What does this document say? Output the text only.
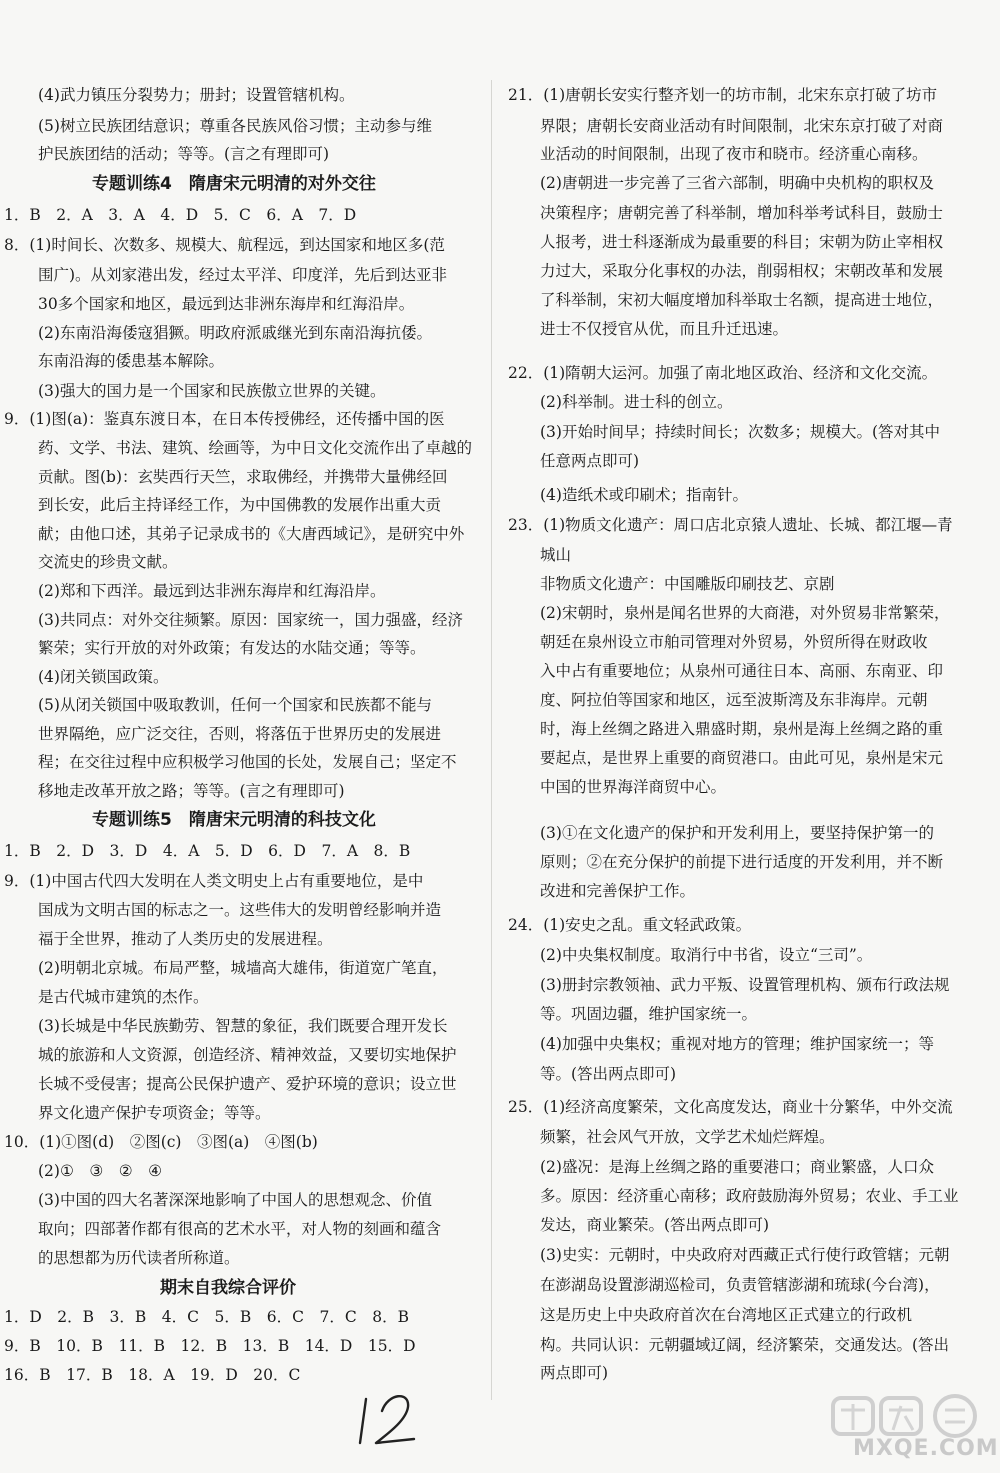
(4)武力镇压分裂势力；册封；设置管辖机构。
(5)树立民族团结意识；尊重各民族风俗习惯；主动参与维
护民族团结的活动；等等。(言之有理即可)
专题训练4　隋唐宋元明清的对外交往
1．B　2．A　3．A　4．D　5．C　6．A　7．D
8．(1)时间长、次数多、规模大、航程远，到达国家和地区多(范
围广)。从刘家港出发，经过太平洋、印度洋，先后到达亚非
30多个国家和地区，最远到达非洲东海岸和红海沿岸。
(2)东南沿海倭寇猖獗。明政府派戚继光到东南沿海抗倭。
东南沿海的倭患基本解除。
(3)强大的国力是一个国家和民族傲立世界的关键。
9．(1)图(a)：鉴真东渡日本，在日本传授佛经，还传播中国的医
药、文学、书法、建筑、绘画等，为中日文化交流作出了卓越的
贡献。图(b)：玄奘西行天竺，求取佛经，并携带大量佛经回
到长安，此后主持译经工作，为中国佛教的发展作出重大贡
献；由他口述，其弟子记录成书的《大唐西域记》，是研究中外
交流史的珍贵文献。
(2)郑和下西洋。最远到达非洲东海岸和红海沿岸。
(3)共同点：对外交往频繁。原因：国家统一，国力强盛，经济
繁荣；实行开放的对外政策；有发达的水陆交通；等等。
(4)闭关锁国政策。
(5)从闭关锁国中吸取教训，任何一个国家和民族都不能与
世界隔绝，应广泛交往，否则，将落伍于世界历史的发展进
程；在交往过程中应积极学习他国的长处，发展自己；坚定不
移地走改革开放之路；等等。(言之有理即可)
专题训练5　隋唐宋元明清的科技文化
1．B　2．D　3．D　4．A　5．D　6．D　7．A　8．B
9．(1)中国古代四大发明在人类文明史上占有重要地位，是中
国成为文明古国的标志之一。这些伟大的发明曾经影响并造
福于全世界，推动了人类历史的发展进程。
(2)明朝北京城。布局严整，城墙高大雄伟，街道宽广笔直，
是古代城市建筑的杰作。
(3)长城是中华民族勤劳、智慧的象征，我们既要合理开发长
城的旅游和人文资源，创造经济、精神效益，又要切实地保护
长城不受侵害；提高公民保护遗产、爱护环境的意识；设立世
界文化遗产保护专项资金；等等。
10．(1)①图(d)　②图(c)　③图(a)　④图(b)
(2)①　③　②　④
(3)中国的四大名著深深地影响了中国人的思想观念、价值
取向；四部著作都有很高的艺术水平，对人物的刻画和蕴含
的思想都为历代读者所称道。
期末自我综合评价
1．D　2．B　3．B　4．C　5．B　6．C　7．C　8．B
9．B　10．B　11．B　12．B　13．B　14．D　15．D
16．B　17．B　18．A　19．D　20．C
21．(1)唐朝长安实行整齐划一的坊市制，北宋东京打破了坊市
界限；唐朝长安商业活动有时间限制，北宋东京打破了对商
业活动的时间限制，出现了夜市和晓市。经济重心南移。
(2)唐朝进一步完善了三省六部制，明确中央机构的职权及
决策程序；唐朝完善了科举制，增加科举考试科目，鼓励士
人报考，进士科逐渐成为最重要的科目；宋朝为防止宰相权
力过大，采取分化事权的办法，削弱相权；宋朝改革和发展
了科举制，宋初大幅度增加科举取士名额，提高进士地位，
进士不仅授官从优，而且升迁迅速。
22．(1)隋朝大运河。加强了南北地区政治、经济和文化交流。
(2)科举制。进士科的创立。
(3)开始时间早；持续时间长；次数多；规模大。(答对其中
任意两点即可)
(4)造纸术或印刷术；指南针。
23．(1)物质文化遗产：周口店北京猿人遗址、长城、都江堰—青
城山
非物质文化遗产：中国雕版印刷技艺、京剧
(2)宋朝时，泉州是闻名世界的大商港，对外贸易非常繁荣，
朝廷在泉州设立市舶司管理对外贸易，外贸所得在财政收
入中占有重要地位；从泉州可通往日本、高丽、东南亚、印
度、阿拉伯等国家和地区，远至波斯湾及东非海岸。元朝
时，海上丝绸之路进入鼎盛时期，泉州是海上丝绸之路的重
要起点，是世界上重要的商贸港口。由此可见，泉州是宋元
中国的世界海洋商贸中心。
(3)①在文化遗产的保护和开发利用上，要坚持保护第一的
原则；②在充分保护的前提下进行适度的开发利用，并不断
改进和完善保护工作。
24．(1)安史之乱。重文轻武政策。
(2)中央集权制度。取消行中书省，设立“三司”。
(3)册封宗教领袖、武力平叛、设置管理机构、颁布行政法规
等。巩固边疆，维护国家统一。
(4)加强中央集权；重视对地方的管理；维护国家统一；等
等。(答出两点即可)
25．(1)经济高度繁荣，文化高度发达，商业十分繁华，中外交流
频繁，社会风气开放，文学艺术灿烂辉煌。
(2)盛况：是海上丝绸之路的重要港口；商业繁盛，人口众
多。原因：经济重心南移；政府鼓励海外贸易；农业、手工业
发达，商业繁荣。(答出两点即可)
(3)史实：元朝时，中央政府对西藏正式行使行政管辖；元朝
在澎湖岛设置澎湖巡检司，负责管辖澎湖和琉球(今台湾)，
这是历史上中央政府首次在台湾地区正式建立的行政机
构。共同认识：元朝疆域辽阔，经济繁荣，交通发达。(答出
两点即可)
MXQE.COM
